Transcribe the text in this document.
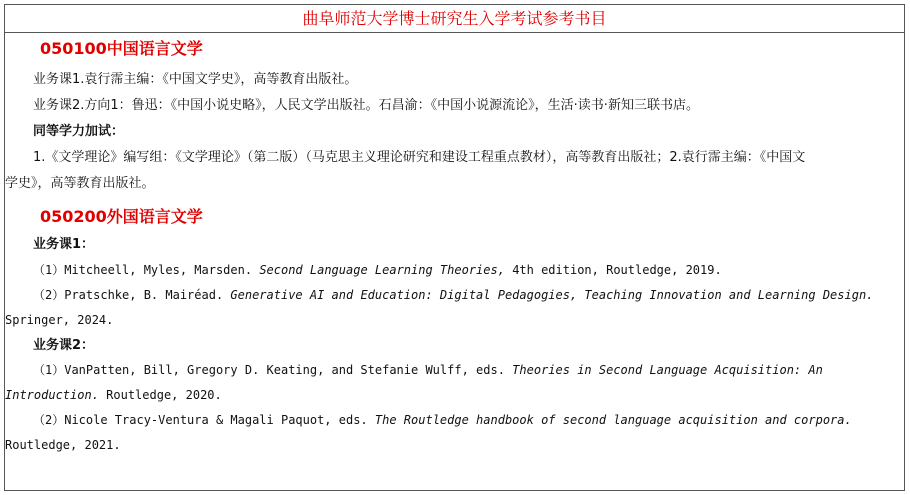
曲阜师范大学博士研究生入学考试参考书目
050100中国语言文学
业务课1.袁行霈主编：《中国文学史》，高等教育出版社。
业务课2.方向1：鲁迅：《中国小说史略》，人民文学出版社。石昌渝：《中国小说源流论》，生活·读书·新知三联书店。
同等学力加试：
1.《文学理论》编写组：《文学理论》（第二版）（马克思主义理论研究和建设工程重点教材），高等教育出版社；2.袁行霈主编：《中国文
学史》，高等教育出版社。
050200外国语言文学
业务课1：
（1）Mitcheell, Myles, Marsden. Second Language Learning Theories, 4th edition, Routledge, 2019.
（2）Pratschke, B. Mairéad. Generative AI and Education: Digital Pedagogies, Teaching Innovation and Learning Design.
Springer, 2024.
业务课2：
（1）VanPatten, Bill, Gregory D. Keating, and Stefanie Wulff, eds. Theories in Second Language Acquisition: An
Introduction. Routledge, 2020.
（2）Nicole Tracy-Ventura & Magali Paquot, eds. The Routledge handbook of second language acquisition and corpora.
Routledge, 2021.
